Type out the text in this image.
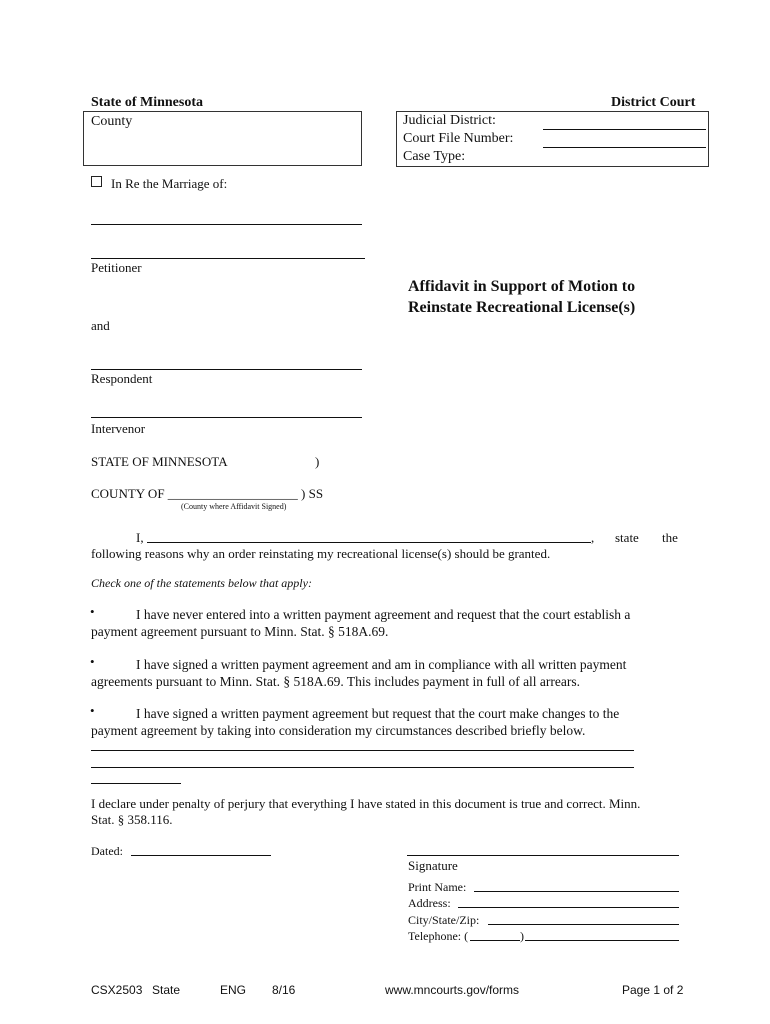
State of Minnesota	District Court
County	Judicial District:
Court File Number:
Case Type:
In Re the Marriage of:
Petitioner
and
Respondent
Intervenor
Affidavit in Support of Motion to
Reinstate Recreational License(s)
STATE OF MINNESOTA	)
COUNTY OF ____________________ ) SS
(County where Affidavit Signed)
I,	, state the
following reasons why an order reinstating my recreational license(s) should be granted.
Check one of the statements below that apply:
•	I have never entered into a written payment agreement and request that the court establish a
payment agreement pursuant to Minn. Stat. § 518A.69.
•	I have signed a written payment agreement and am in compliance with all written payment
agreements pursuant to Minn. Stat. § 518A.69. This includes payment in full of all arrears.
•	I have signed a written payment agreement but request that the court make changes to the
payment agreement by taking into consideration my circumstances described briefly below.
I declare under penalty of perjury that everything I have stated in this document is true and correct. Minn.
Stat. § 358.116.
Dated:
Signature
Print Name:
Address:
City/State/Zip:
Telephone: (	)
CSX2503 State	ENG 8/16	www.mncourts.gov/forms	Page 1 of 2
